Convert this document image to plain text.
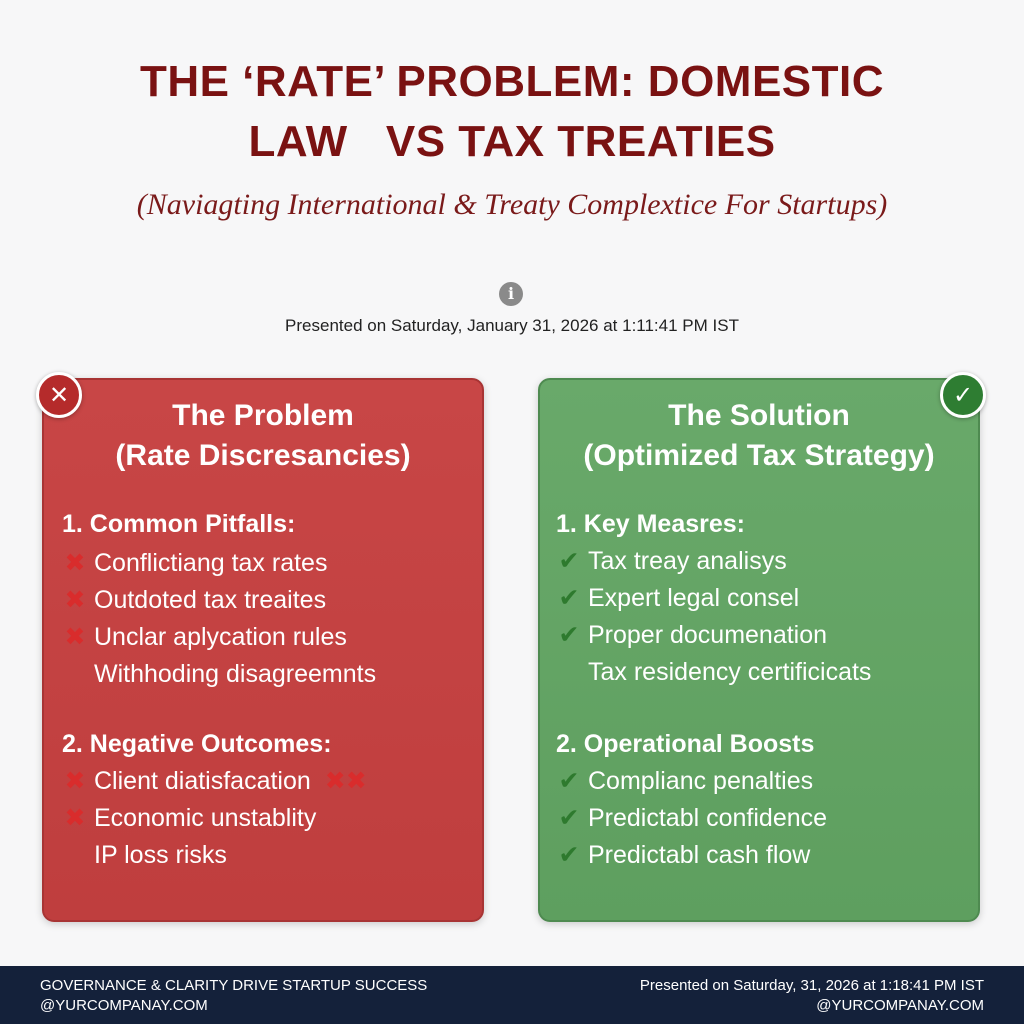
THE ‘RATE’ PROBLEM: DOMESTIC
LAW   VS TAX TREATIES
(Naviagting International & Treaty Complextice For Startups)
i
Presented on Saturday, January 31, 2026 at 1:11:41 PM IST
The Problem
(Rate Discresancies)
1. Common Pitfalls:
✖ Conflictiang tax rates
✖ Outdoted tax treaites
✖ Unclar aplycation rules
Withhoding disagreemnts
2. Negative Outcomes:
✖ Client diatisfacation ✖✖
✖ Economic unstablity
IP loss risks
The Solution
(Optimized Tax Strategy)
1. Key Measres:
✔ Tax treay analisys
✔ Expert legal consel
✔ Proper documenation
Tax residency certificicats
2. Operational Boosts
✔ Complianc penalties
✔ Predictabl confidence
✔ Predictabl cash flow
✕	✓
GOVERNANCE & CLARITY DRIVE STARTUP SUCCESS
@YURCOMPANAY.COM
Presented on Saturday, 31, 2026 at 1:18:41 PM IST
@YURCOMPANAY.COM
